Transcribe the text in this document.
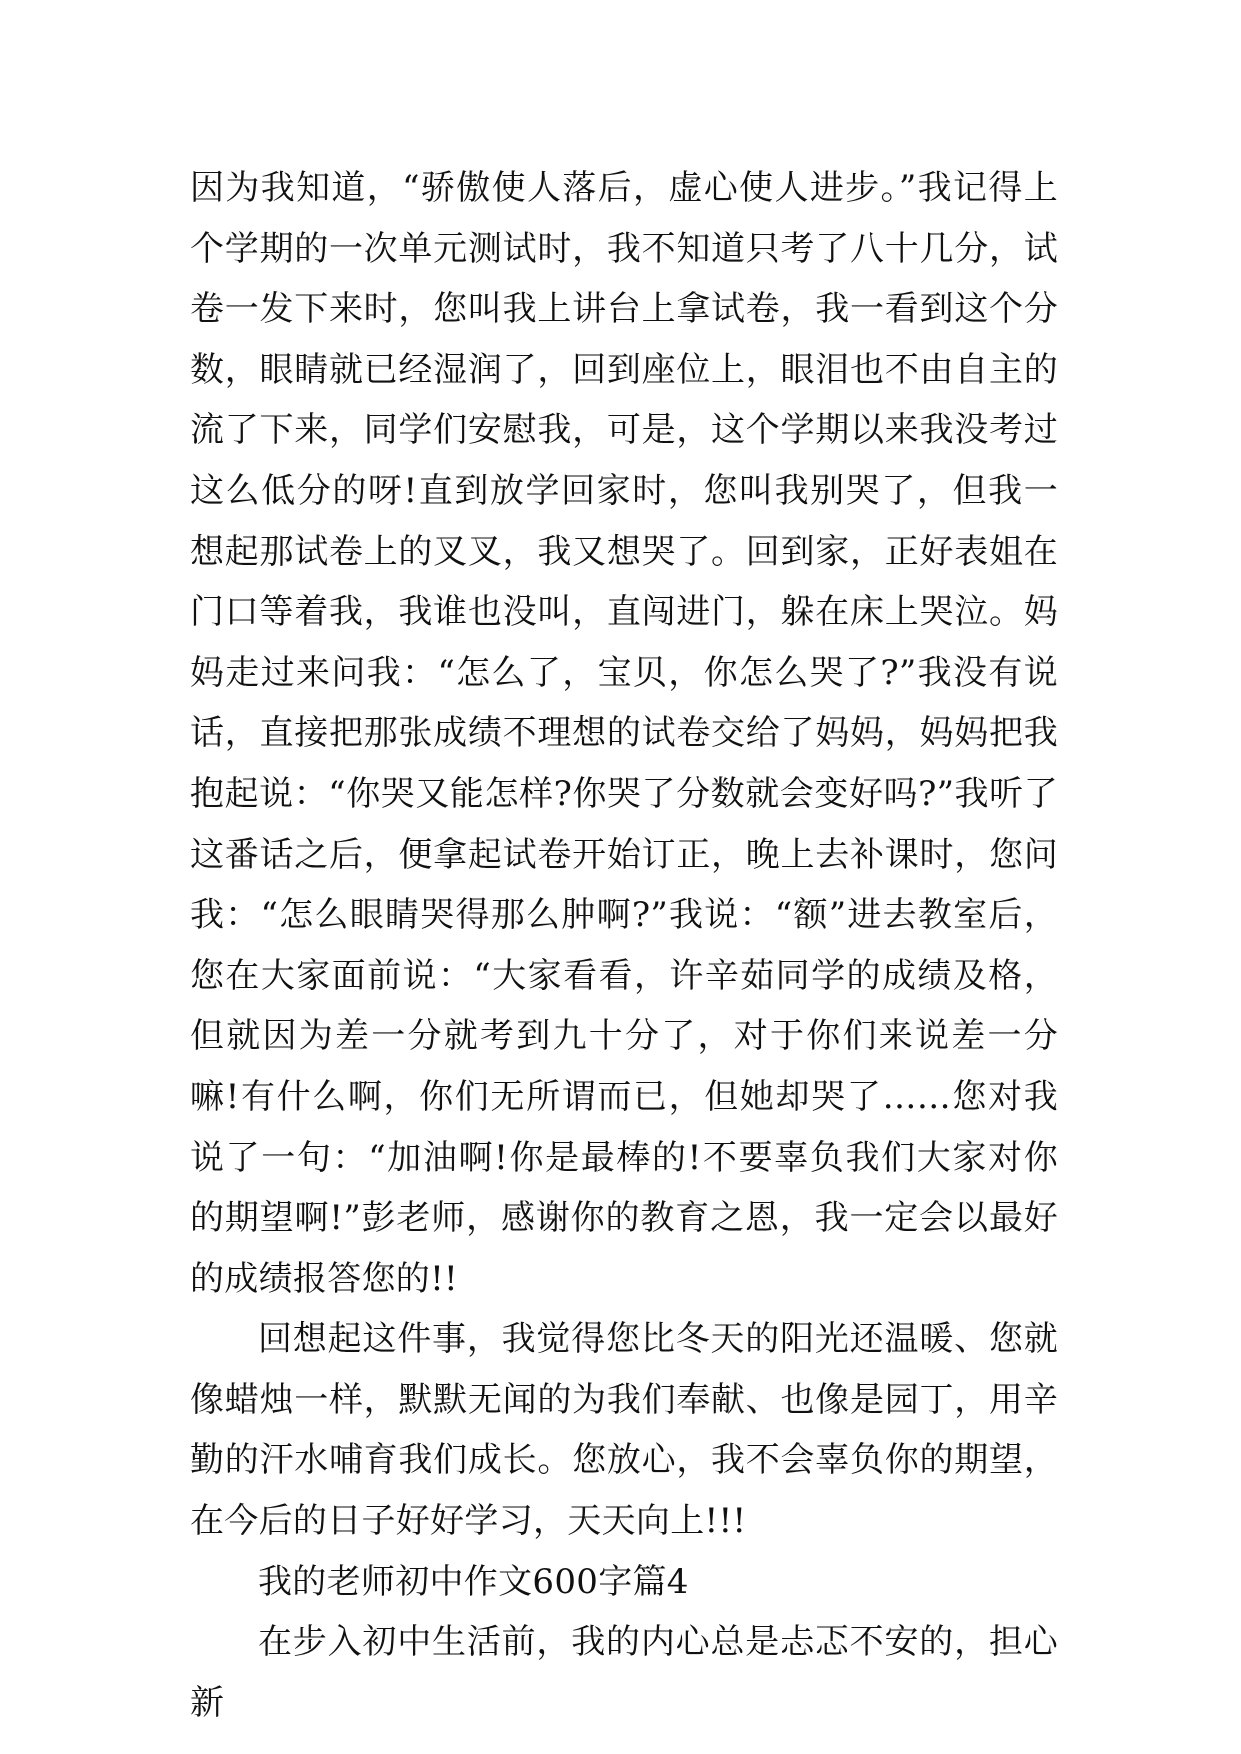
因为我知道，“骄傲使人落后，虚心使人进步。”我记得上个学期的一次单元测试时，我不知道只考了八十几分，试卷一发下来时，您叫我上讲台上拿试卷，我一看到这个分数，眼睛就已经湿润了，回到座位上，眼泪也不由自主的流了下来，同学们安慰我，可是，这个学期以来我没考过这么低分的呀!直到放学回家时，您叫我别哭了，但我一想起那试卷上的叉叉，我又想哭了。回到家，正好表姐在门口等着我，我谁也没叫，直闯进门，躲在床上哭泣。妈妈走过来问我：“怎么了，宝贝，你怎么哭了?”我没有说话，直接把那张成绩不理想的试卷交给了妈妈，妈妈把我抱起说：“你哭又能怎样?你哭了分数就会变好吗?”我听了这番话之后，便拿起试卷开始订正，晚上去补课时，您问我：“怎么眼睛哭得那么肿啊?”我说：“额”进去教室后，您在大家面前说：“大家看看，许辛茹同学的成绩及格，但就因为差一分就考到九十分了，对于你们来说差一分嘛!有什么啊，你们无所谓而已，但她却哭了……您对我说了一句：“加油啊!你是最棒的!不要辜负我们大家对你的期望啊!”彭老师，感谢你的教育之恩，我一定会以最好的成绩报答您的!!

回想起这件事，我觉得您比冬天的阳光还温暖、您就像蜡烛一样，默默无闻的为我们奉献、也像是园丁，用辛勤的汗水哺育我们成长。您放心，我不会辜负你的期望，在今后的日子好好学习，天天向上!!!

我的老师初中作文600字篇4

在步入初中生活前，我的内心总是忐忑不安的，担心新
